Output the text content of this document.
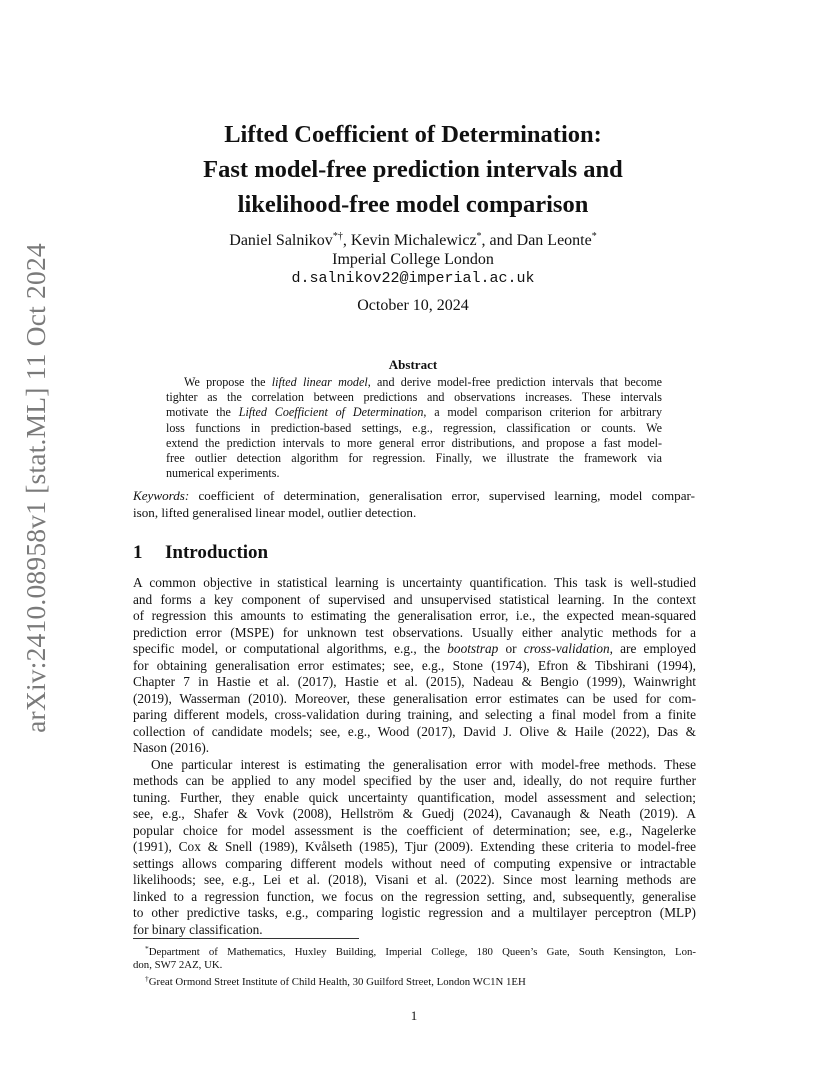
arXiv:2410.08958v1 [stat.ML] 11 Oct 2024
Lifted Coefficient of Determination:
Fast model-free prediction intervals and
likelihood-free model comparison
Daniel Salnikov*†, Kevin Michalewicz*, and Dan Leonte*
Imperial College London
d.salnikov22@imperial.ac.uk
October 10, 2024
Abstract
We propose the lifted linear model, and derive model-free prediction intervals that become
tighter as the correlation between predictions and observations increases. These intervals
motivate the Lifted Coefficient of Determination, a model comparison criterion for arbitrary
loss functions in prediction-based settings, e.g., regression, classification or counts. We
extend the prediction intervals to more general error distributions, and propose a fast model-
free outlier detection algorithm for regression. Finally, we illustrate the framework via
numerical experiments.
Keywords: coefficient of determination, generalisation error, supervised learning, model compar-
ison, lifted generalised linear model, outlier detection.
1 Introduction
A common objective in statistical learning is uncertainty quantification. This task is well-studied
and forms a key component of supervised and unsupervised statistical learning. In the context
of regression this amounts to estimating the generalisation error, i.e., the expected mean-squared
prediction error (MSPE) for unknown test observations. Usually either analytic methods for a
specific model, or computational algorithms, e.g., the bootstrap or cross-validation, are employed
for obtaining generalisation error estimates; see, e.g., Stone (1974), Efron & Tibshirani (1994),
Chapter 7 in Hastie et al. (2017), Hastie et al. (2015), Nadeau & Bengio (1999), Wainwright
(2019), Wasserman (2010). Moreover, these generalisation error estimates can be used for com-
paring different models, cross-validation during training, and selecting a final model from a finite
collection of candidate models; see, e.g., Wood (2017), David J. Olive & Haile (2022), Das &
Nason (2016).
One particular interest is estimating the generalisation error with model-free methods. These
methods can be applied to any model specified by the user and, ideally, do not require further
tuning. Further, they enable quick uncertainty quantification, model assessment and selection;
see, e.g., Shafer & Vovk (2008), Hellström & Guedj (2024), Cavanaugh & Neath (2019). A
popular choice for model assessment is the coefficient of determination; see, e.g., Nagelerke
(1991), Cox & Snell (1989), Kvålseth (1985), Tjur (2009). Extending these criteria to model-free
settings allows comparing different models without need of computing expensive or intractable
likelihoods; see, e.g., Lei et al. (2018), Visani et al. (2022). Since most learning methods are
linked to a regression function, we focus on the regression setting, and, subsequently, generalise
to other predictive tasks, e.g., comparing logistic regression and a multilayer perceptron (MLP)
for binary classification.
*Department of Mathematics, Huxley Building, Imperial College, 180 Queen’s Gate, South Kensington, Lon-
don, SW7 2AZ, UK.
†Great Ormond Street Institute of Child Health, 30 Guilford Street, London WC1N 1EH
1
